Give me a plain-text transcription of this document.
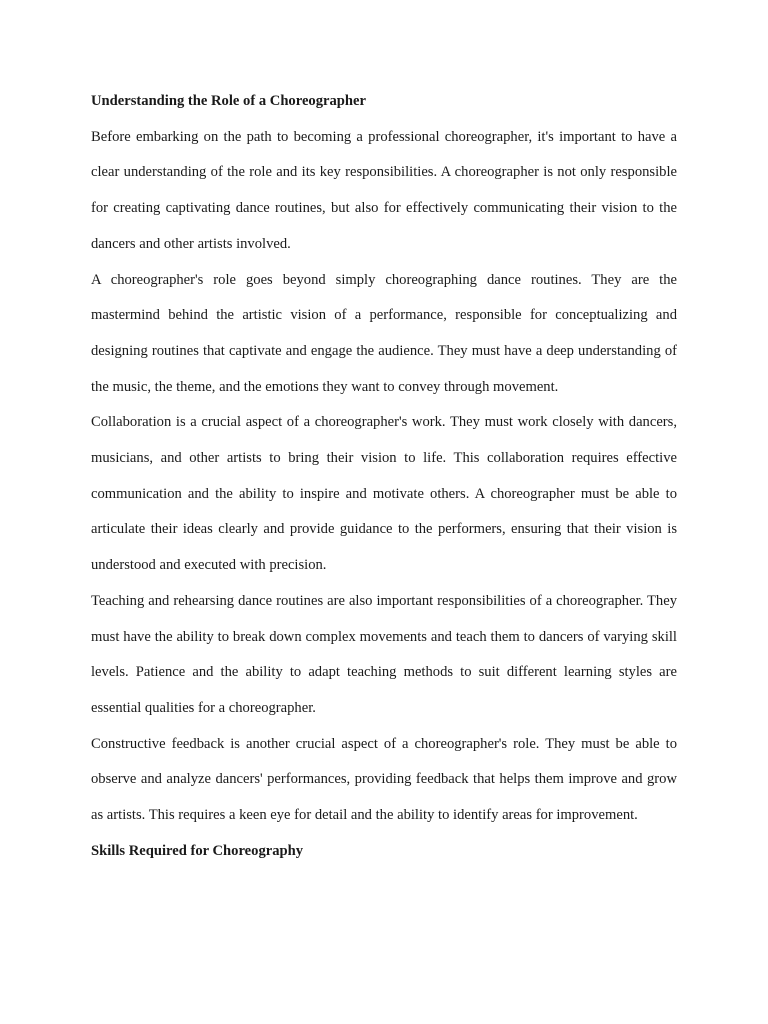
Understanding the Role of a Choreographer

Before embarking on the path to becoming a professional choreographer, it's important to have a clear understanding of the role and its key responsibilities. A choreographer is not only responsible for creating captivating dance routines, but also for effectively communicating their vision to the dancers and other artists involved.

A choreographer's role goes beyond simply choreographing dance routines. They are the mastermind behind the artistic vision of a performance, responsible for conceptualizing and designing routines that captivate and engage the audience. They must have a deep understanding of the music, the theme, and the emotions they want to convey through movement.

Collaboration is a crucial aspect of a choreographer's work. They must work closely with dancers, musicians, and other artists to bring their vision to life. This collaboration requires effective communication and the ability to inspire and motivate others. A choreographer must be able to articulate their ideas clearly and provide guidance to the performers, ensuring that their vision is understood and executed with precision.

Teaching and rehearsing dance routines are also important responsibilities of a choreographer. They must have the ability to break down complex movements and teach them to dancers of varying skill levels. Patience and the ability to adapt teaching methods to suit different learning styles are essential qualities for a choreographer.

Constructive feedback is another crucial aspect of a choreographer's role. They must be able to observe and analyze dancers' performances, providing feedback that helps them improve and grow as artists. This requires a keen eye for detail and the ability to identify areas for improvement.

Skills Required for Choreography
